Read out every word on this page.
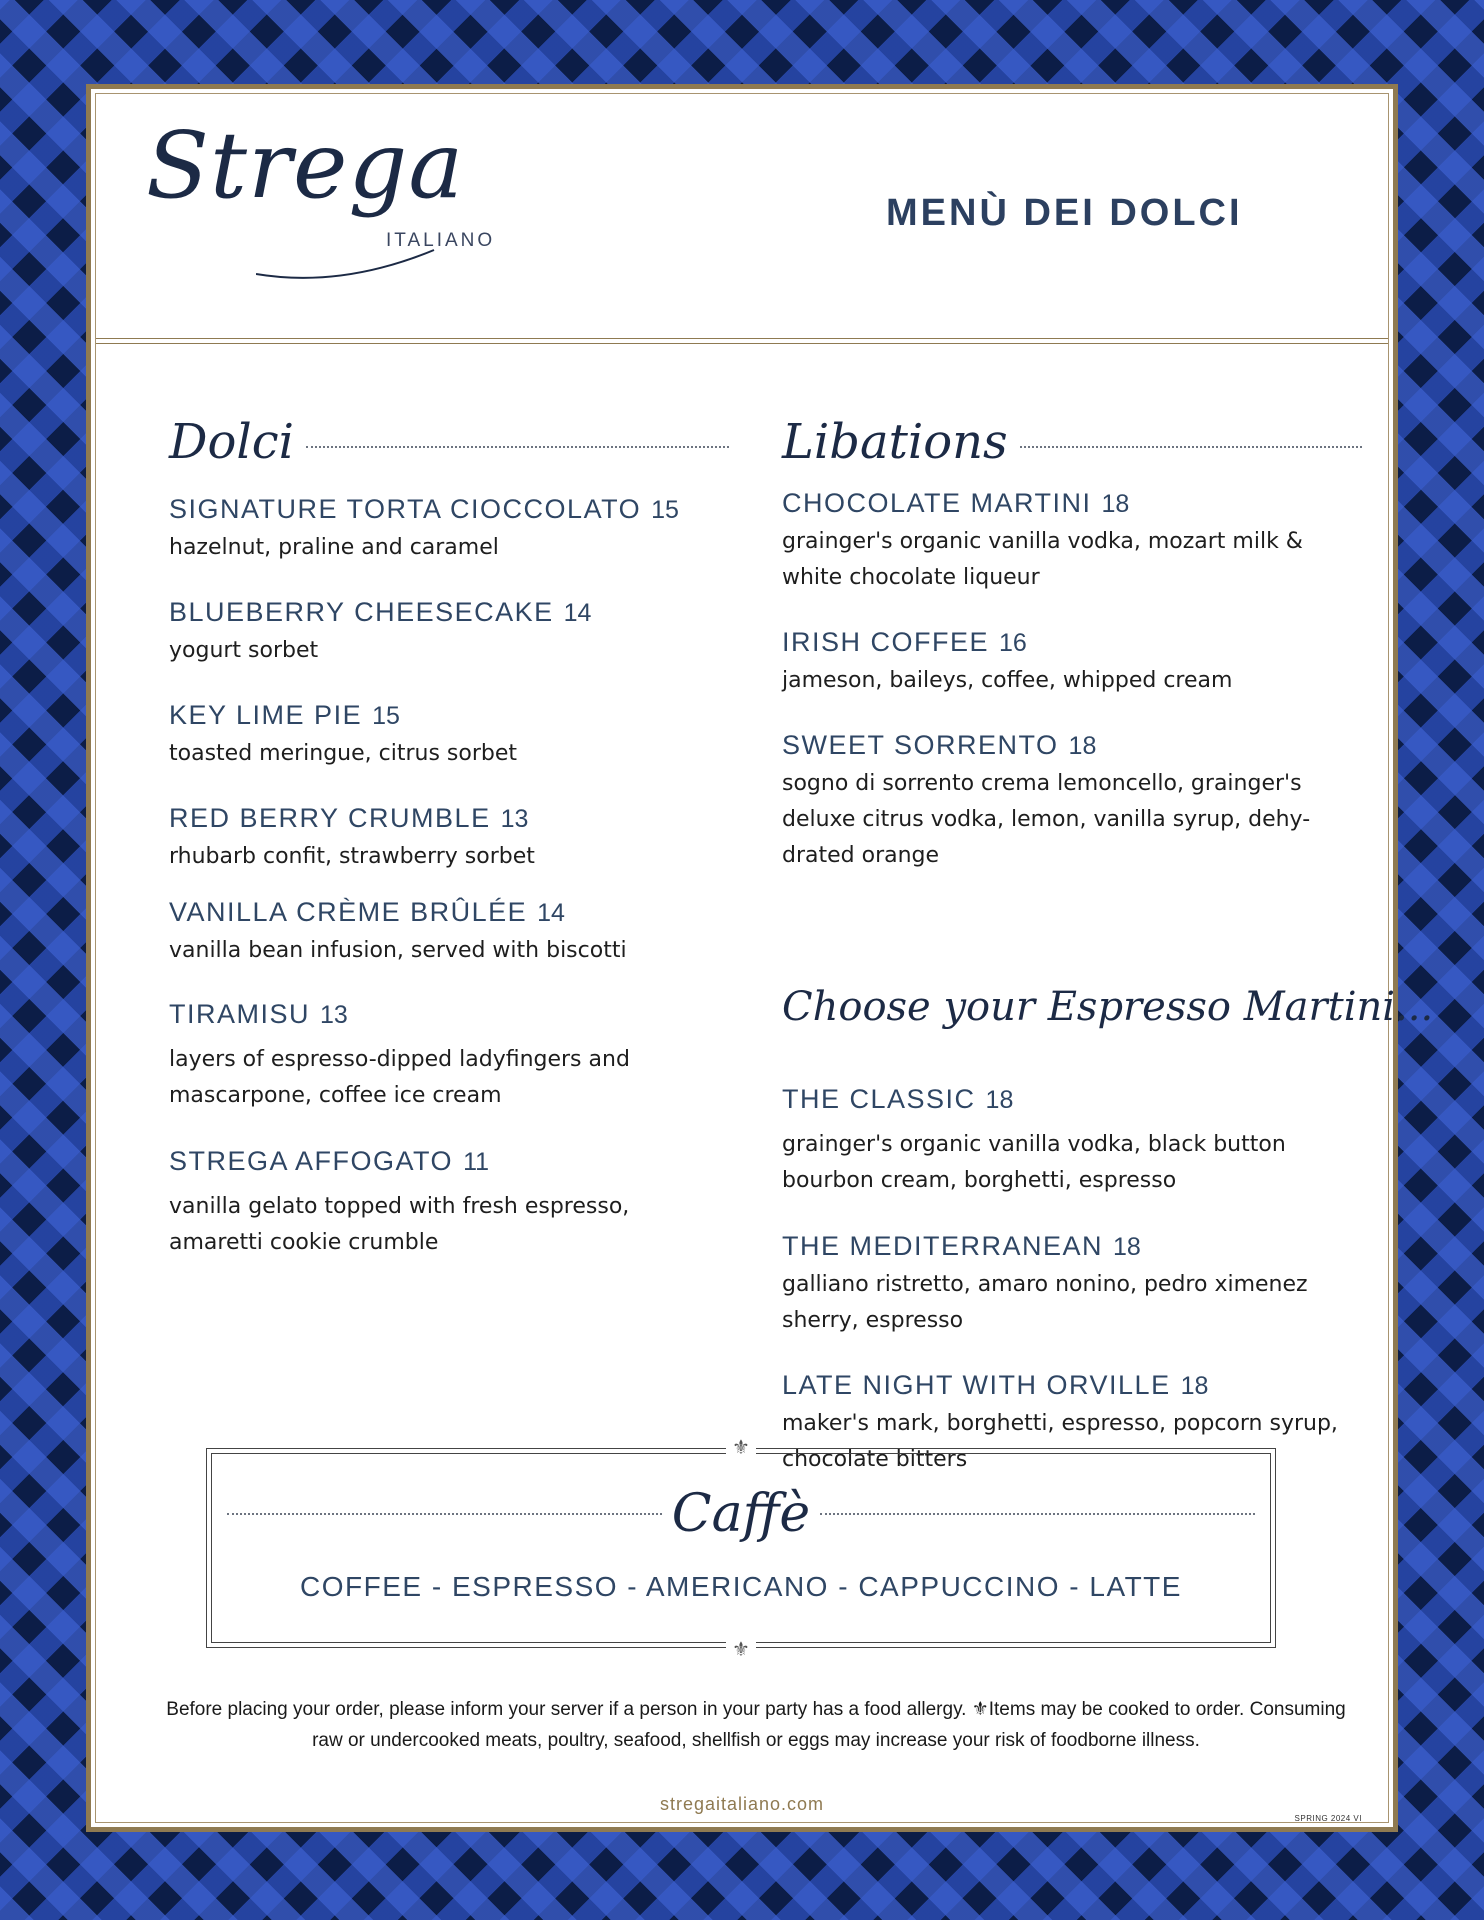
Strega
ITALIANO
MENÙ DEI DOLCI
Dolci
SIGNATURE TORTA CIOCCOLATO 15
hazelnut, praline and caramel
BLUEBERRY CHEESECAKE 14
yogurt sorbet
KEY LIME PIE 15
toasted meringue, citrus sorbet
RED BERRY CRUMBLE 13
rhubarb confit, strawberry sorbet
VANILLA CRÈME BRÛLÉE 14
vanilla bean infusion, served with biscotti
TIRAMISU 13
layers of espresso-dipped ladyfingers and mascarpone, coffee ice cream
STREGA AFFOGATO 11
vanilla gelato topped with fresh espresso, amaretti cookie crumble
Libations
CHOCOLATE MARTINI 18
grainger's organic vanilla vodka, mozart milk & white chocolate liqueur
IRISH COFFEE 16
jameson, baileys, coffee, whipped cream
SWEET SORRENTO 18
sogno di sorrento crema lemoncello, grainger's deluxe citrus vodka, lemon, vanilla syrup, dehy-drated orange
Choose your Espresso Martini...
THE CLASSIC 18
grainger's organic vanilla vodka, black button bourbon cream, borghetti, espresso
THE MEDITERRANEAN 18
galliano ristretto, amaro nonino, pedro ximenez sherry, espresso
LATE NIGHT WITH ORVILLE 18
maker's mark, borghetti, espresso, popcorn syrup, chocolate bitters
⚜
Caffè
COFFEE - ESPRESSO - AMERICANO - CAPPUCCINO - LATTE
⚜
Before placing your order, please inform your server if a person in your party has a food allergy. ⚜Items may be cooked to order. Consuming raw or undercooked meats, poultry, seafood, shellfish or eggs may increase your risk of foodborne illness.
stregaitaliano.com
SPRING 2024 VI
